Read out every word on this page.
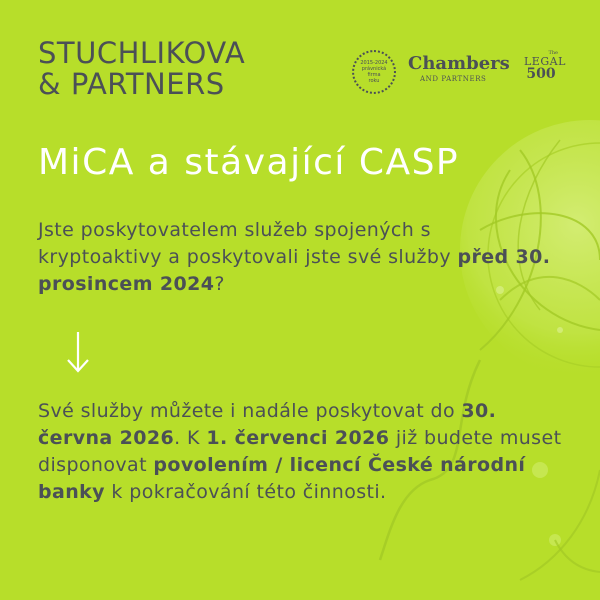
STUCHLIKOVA
& PARTNERS
2015-2024
právnická
firma
roku
Chambers
AND PARTNERS
The
LEGAL
500
MiCA a stávající CASP

Jste poskytovatelem služeb spojených s kryptoaktivy a poskytovali jste své služby před 30. prosincem 2024?

Své služby můžete i nadále poskytovat do 30. června 2026. K 1. červenci 2026 již budete muset disponovat povolením / licencí České národní banky k pokračování této činnosti.
